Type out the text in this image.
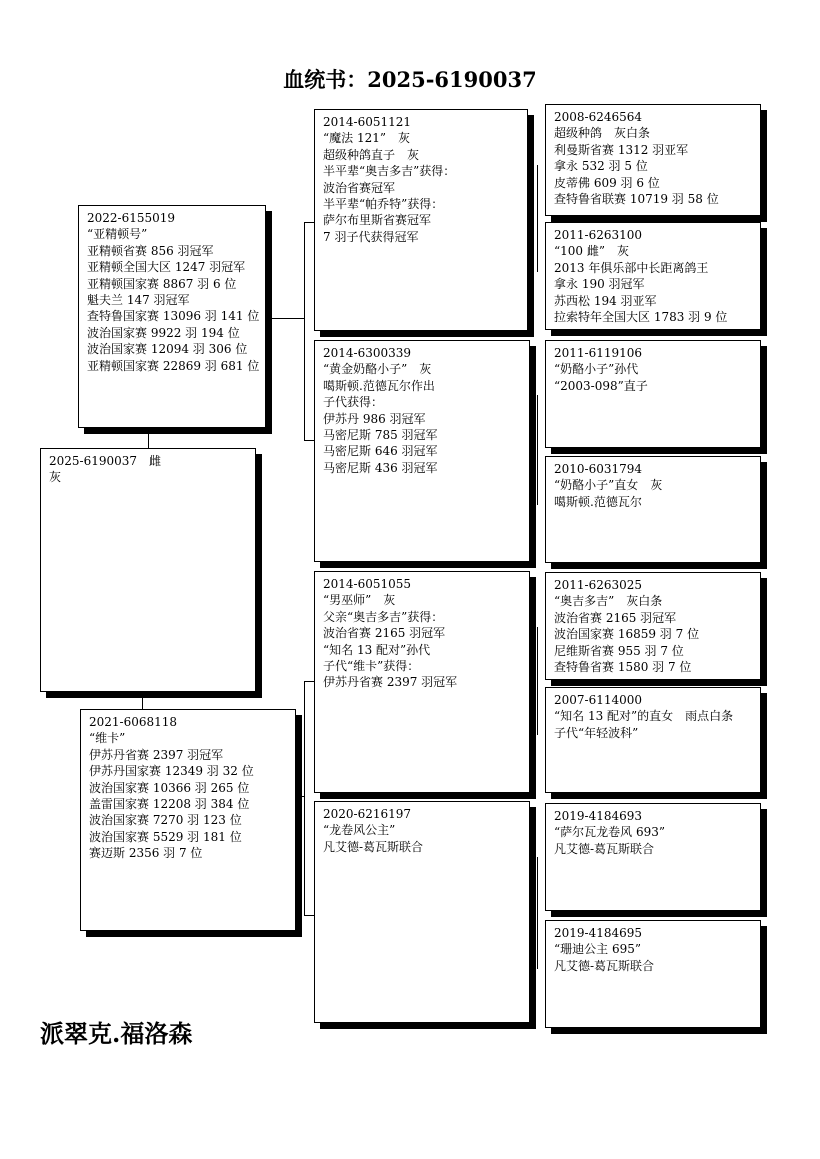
血统书：2025-6190037
2025-6190037　雌
灰
2022-6155019
“亚精顿号”
亚精顿省赛 856 羽冠军
亚精顿全国大区 1247 羽冠军
亚精顿国家赛 8867 羽 6 位
魁夫兰 147 羽冠军
查特鲁国家赛 13096 羽 141 位
波治国家赛 9922 羽 194 位
波治国家赛 12094 羽 306 位
亚精顿国家赛 22869 羽 681 位
2021-6068118
“维卡”
伊苏丹省赛 2397 羽冠军
伊苏丹国家赛 12349 羽 32 位
波治国家赛 10366 羽 265 位
盖雷国家赛 12208 羽 384 位
波治国家赛 7270 羽 123 位
波治国家赛 5529 羽 181 位
赛迈斯 2356 羽 7 位
2014-6051121
“魔法 121”　灰
超级种鸽直子　灰
半平辈“奥吉多吉”获得：
波治省赛冠军
半平辈“帕乔特”获得：
萨尔布里斯省赛冠军
7 羽子代获得冠军
2014-6300339
“黄金奶酪小子”　灰
噶斯顿.范德瓦尔作出
子代获得：
伊苏丹 986 羽冠军
马密尼斯 785 羽冠军
马密尼斯 646 羽冠军
马密尼斯 436 羽冠军
2014-6051055
“男巫师”　灰
父亲“奥吉多吉”获得：
波治省赛 2165 羽冠军
“知名 13 配对”孙代
子代“维卡”获得：
伊苏丹省赛 2397 羽冠军
2020-6216197
“龙卷风公主”
凡艾德-葛瓦斯联合
2008-6246564
超级种鸽　灰白条
利曼斯省赛 1312 羽亚军
拿永 532 羽 5 位
皮蒂佛 609 羽 6 位
查特鲁省联赛 10719 羽 58 位
2011-6263100
“100 雌”　灰
2013 年俱乐部中长距离鸽王
拿永 190 羽冠军
苏西松 194 羽亚军
拉索特年全国大区 1783 羽 9 位
2011-6119106
“奶酪小子”孙代
“2003-098”直子
2010-6031794
“奶酪小子”直女　灰
噶斯顿.范德瓦尔
2011-6263025
“奥吉多吉”　灰白条
波治省赛 2165 羽冠军
波治国家赛 16859 羽 7 位
尼维斯省赛 955 羽 7 位
查特鲁省赛 1580 羽 7 位
2007-6114000
“知名 13 配对”的直女　雨点白条
子代“年轻波科”
2019-4184693
“萨尔瓦龙卷风 693”
凡艾德-葛瓦斯联合
2019-4184695
“珊迪公主 695”
凡艾德-葛瓦斯联合
派翠克.福洛森
